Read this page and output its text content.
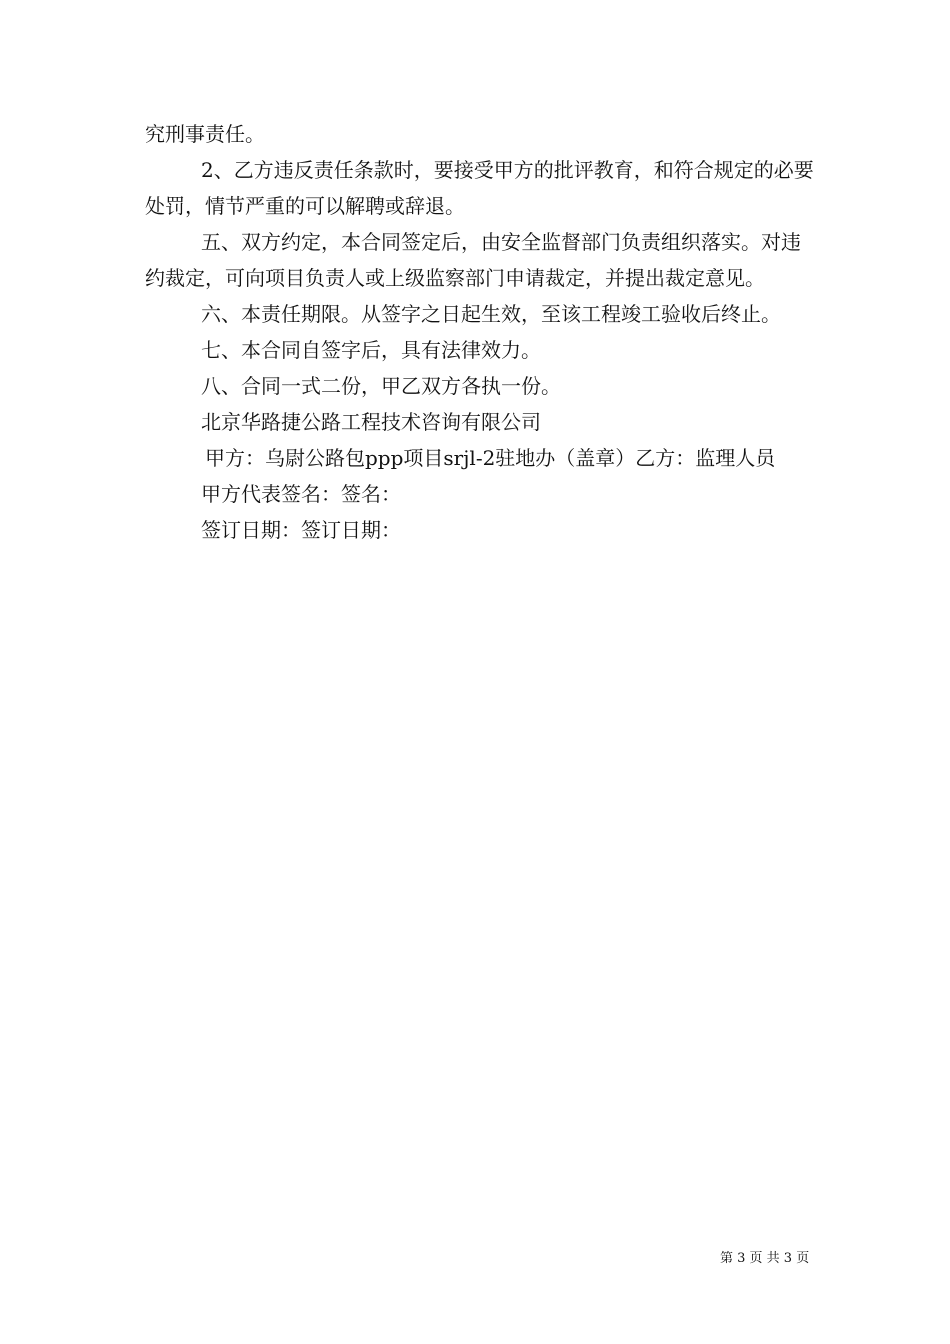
究刑事责任。

2、乙方违反责任条款时，要接受甲方的批评教育，和符合规定的必要处罚，情节严重的可以解聘或辞退。

五、双方约定，本合同签定后，由安全监督部门负责组织落实。对违约裁定，可向项目负责人或上级监察部门申请裁定，并提出裁定意见。

六、本责任期限。从签字之日起生效，至该工程竣工验收后终止。

七、本合同自签字后，具有法律效力。

八、合同一式二份，甲乙双方各执一份。

北京华路捷公路工程技术咨询有限公司

甲方：乌尉公路包ppp项目srjl-2驻地办（盖章）乙方：监理人员

甲方代表签名：签名：

签订日期：签订日期：

第 3 页 共 3 页
